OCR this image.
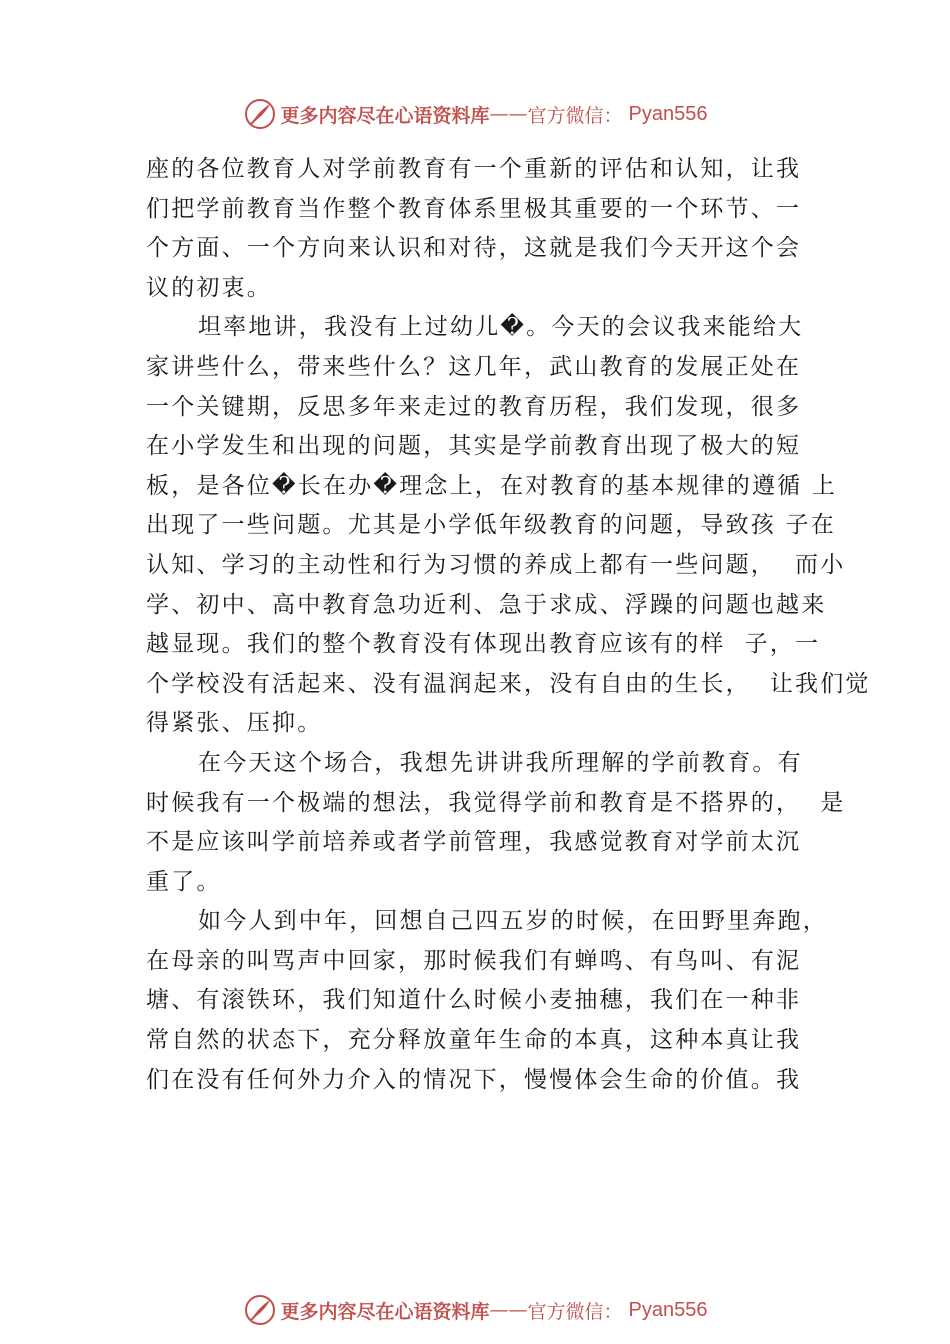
更多内容尽在心语资料库 —— 官方微信： Pyan556
座的各位教育人对学前教育有一个重新的评估和认知，让我
们把学前教育当作整个教育体系里极其重要的一个环节、一
个方面、一个方向来认识和对待，这就是我们今天开这个会
议的初衷。
坦率地讲，我没有上过幼儿�。今天的会议我来能给大
家讲些什么，带来些什么？这几年，武山教育的发展正处在
一个关键期，反思多年来走过的教育历程，我们发现，很多
在小学发生和出现的问题，其实是学前教育出现了极大的短
板，是各位�长在办�理念上，在对教育的基本规律的遵循 上
出现了一些问题。尤其是小学低年级教育的问题，导致孩 子在
认知、学习的主动性和行为习惯的养成上都有一些问题，  而小
学、初中、高中教育急功近利、急于求成、浮躁的问题也越来
越显现。我们的整个教育没有体现出教育应该有的样  子，一
个学校没有活起来、没有温润起来，没有自由的生长，  让我们觉
得紧张、压抑。
在今天这个场合，我想先讲讲我所理解的学前教育。有
时候我有一个极端的想法，我觉得学前和教育是不搭界的，  是
不是应该叫学前培养或者学前管理，我感觉教育对学前太沉
重了。
如今人到中年，回想自己四五岁的时候，在田野里奔跑，
在母亲的叫骂声中回家，那时候我们有蝉鸣、有鸟叫、有泥
塘、有滚铁环，我们知道什么时候小麦抽穗，我们在一种非
常自然的状态下，充分释放童年生命的本真，这种本真让我
们在没有任何外力介入的情况下，慢慢体会生命的价值。我
更多内容尽在心语资料库 —— 官方微信： Pyan556
